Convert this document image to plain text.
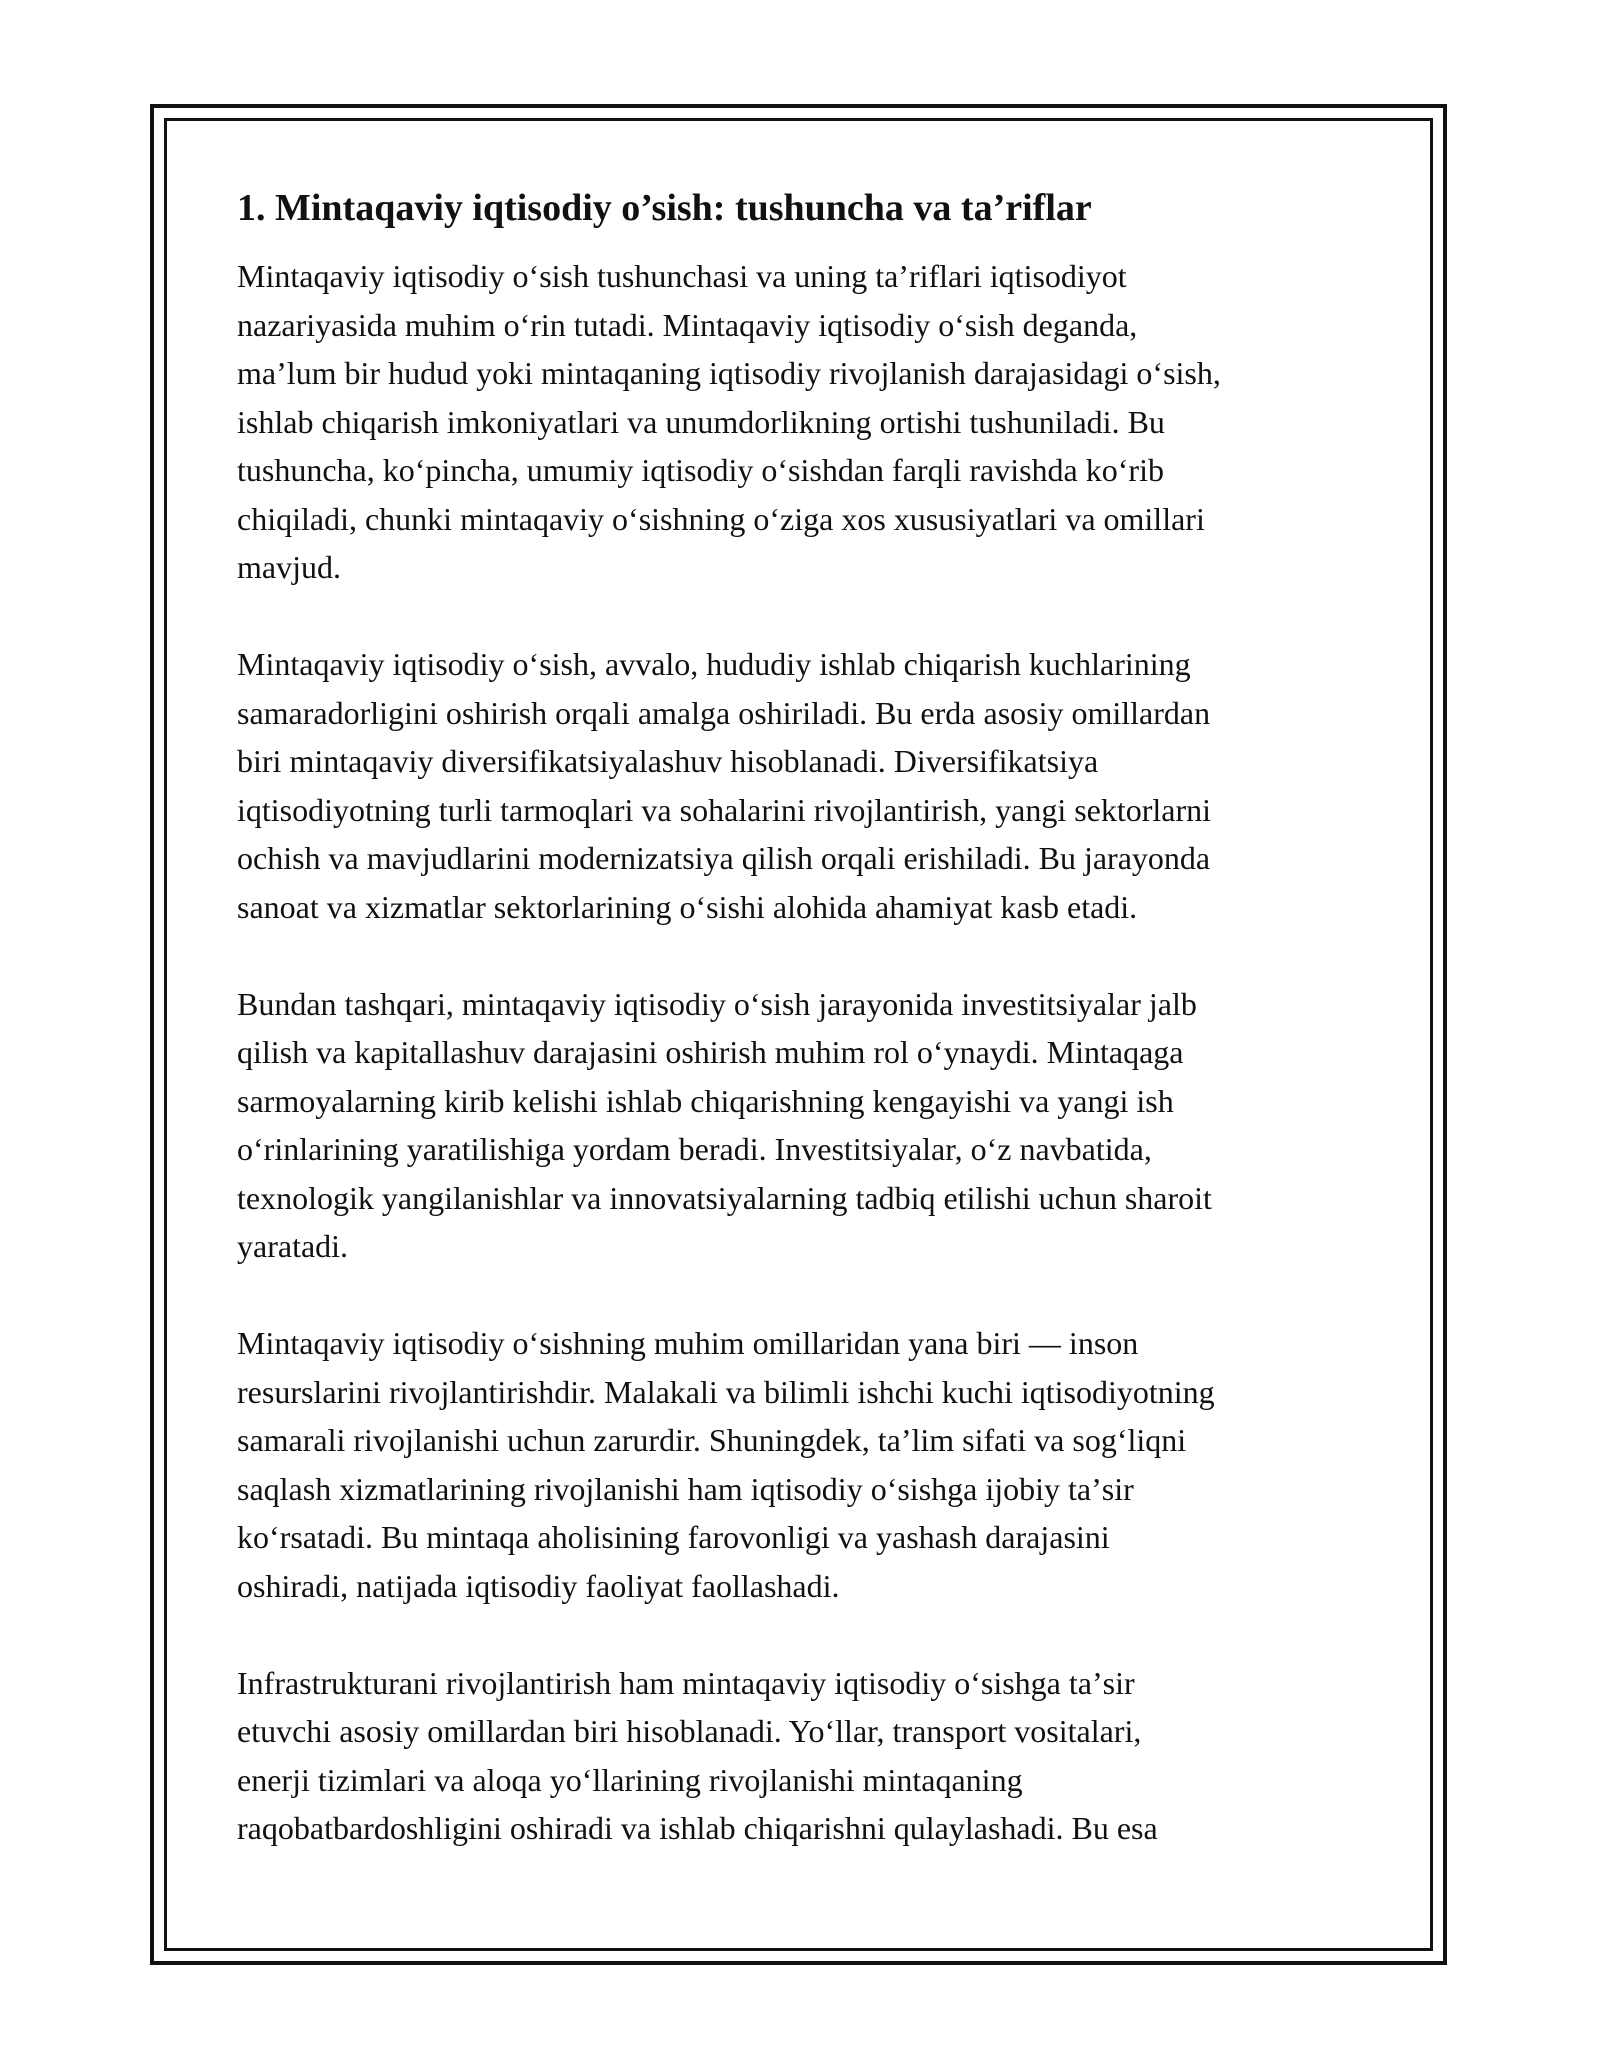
1. Mintaqaviy iqtisodiy o’sish: tushuncha va ta’riflar
Mintaqaviy iqtisodiy oʻsish tushunchasi va uning taʼriflari iqtisodiyot
nazariyasida muhim oʻrin tutadi. Mintaqaviy iqtisodiy oʻsish deganda,
maʼlum bir hudud yoki mintaqaning iqtisodiy rivojlanish darajasidagi oʻsish,
ishlab chiqarish imkoniyatlari va unumdorlikning ortishi tushuniladi. Bu
tushuncha, koʻpincha, umumiy iqtisodiy oʻsishdan farqli ravishda koʻrib
chiqiladi, chunki mintaqaviy oʻsishning oʻziga xos xususiyatlari va omillari
mavjud.
Mintaqaviy iqtisodiy oʻsish, avvalo, hududiy ishlab chiqarish kuchlarining
samaradorligini oshirish orqali amalga oshiriladi. Bu erda asosiy omillardan
biri mintaqaviy diversifikatsiyalashuv hisoblanadi. Diversifikatsiya
iqtisodiyotning turli tarmoqlari va sohalarini rivojlantirish, yangi sektorlarni
ochish va mavjudlarini modernizatsiya qilish orqali erishiladi. Bu jarayonda
sanoat va xizmatlar sektorlarining oʻsishi alohida ahamiyat kasb etadi.
Bundan tashqari, mintaqaviy iqtisodiy oʻsish jarayonida investitsiyalar jalb
qilish va kapitallashuv darajasini oshirish muhim rol oʻynaydi. Mintaqaga
sarmoyalarning kirib kelishi ishlab chiqarishning kengayishi va yangi ish
oʻrinlarining yaratilishiga yordam beradi. Investitsiyalar, oʻz navbatida,
texnologik yangilanishlar va innovatsiyalarning tadbiq etilishi uchun sharoit
yaratadi.
Mintaqaviy iqtisodiy oʻsishning muhim omillaridan yana biri — inson
resurslarini rivojlantirishdir. Malakali va bilimli ishchi kuchi iqtisodiyotning
samarali rivojlanishi uchun zarurdir. Shuningdek, taʼlim sifati va sogʻliqni
saqlash xizmatlarining rivojlanishi ham iqtisodiy oʻsishga ijobiy taʼsir
koʻrsatadi. Bu mintaqa aholisining farovonligi va yashash darajasini
oshiradi, natijada iqtisodiy faoliyat faollashadi.
Infrastrukturani rivojlantirish ham mintaqaviy iqtisodiy oʻsishga taʼsir
etuvchi asosiy omillardan biri hisoblanadi. Yoʻllar, transport vositalari,
enerji tizimlari va aloqa yoʻllarining rivojlanishi mintaqaning
raqobatbardoshligini oshiradi va ishlab chiqarishni qulaylashadi. Bu esa
